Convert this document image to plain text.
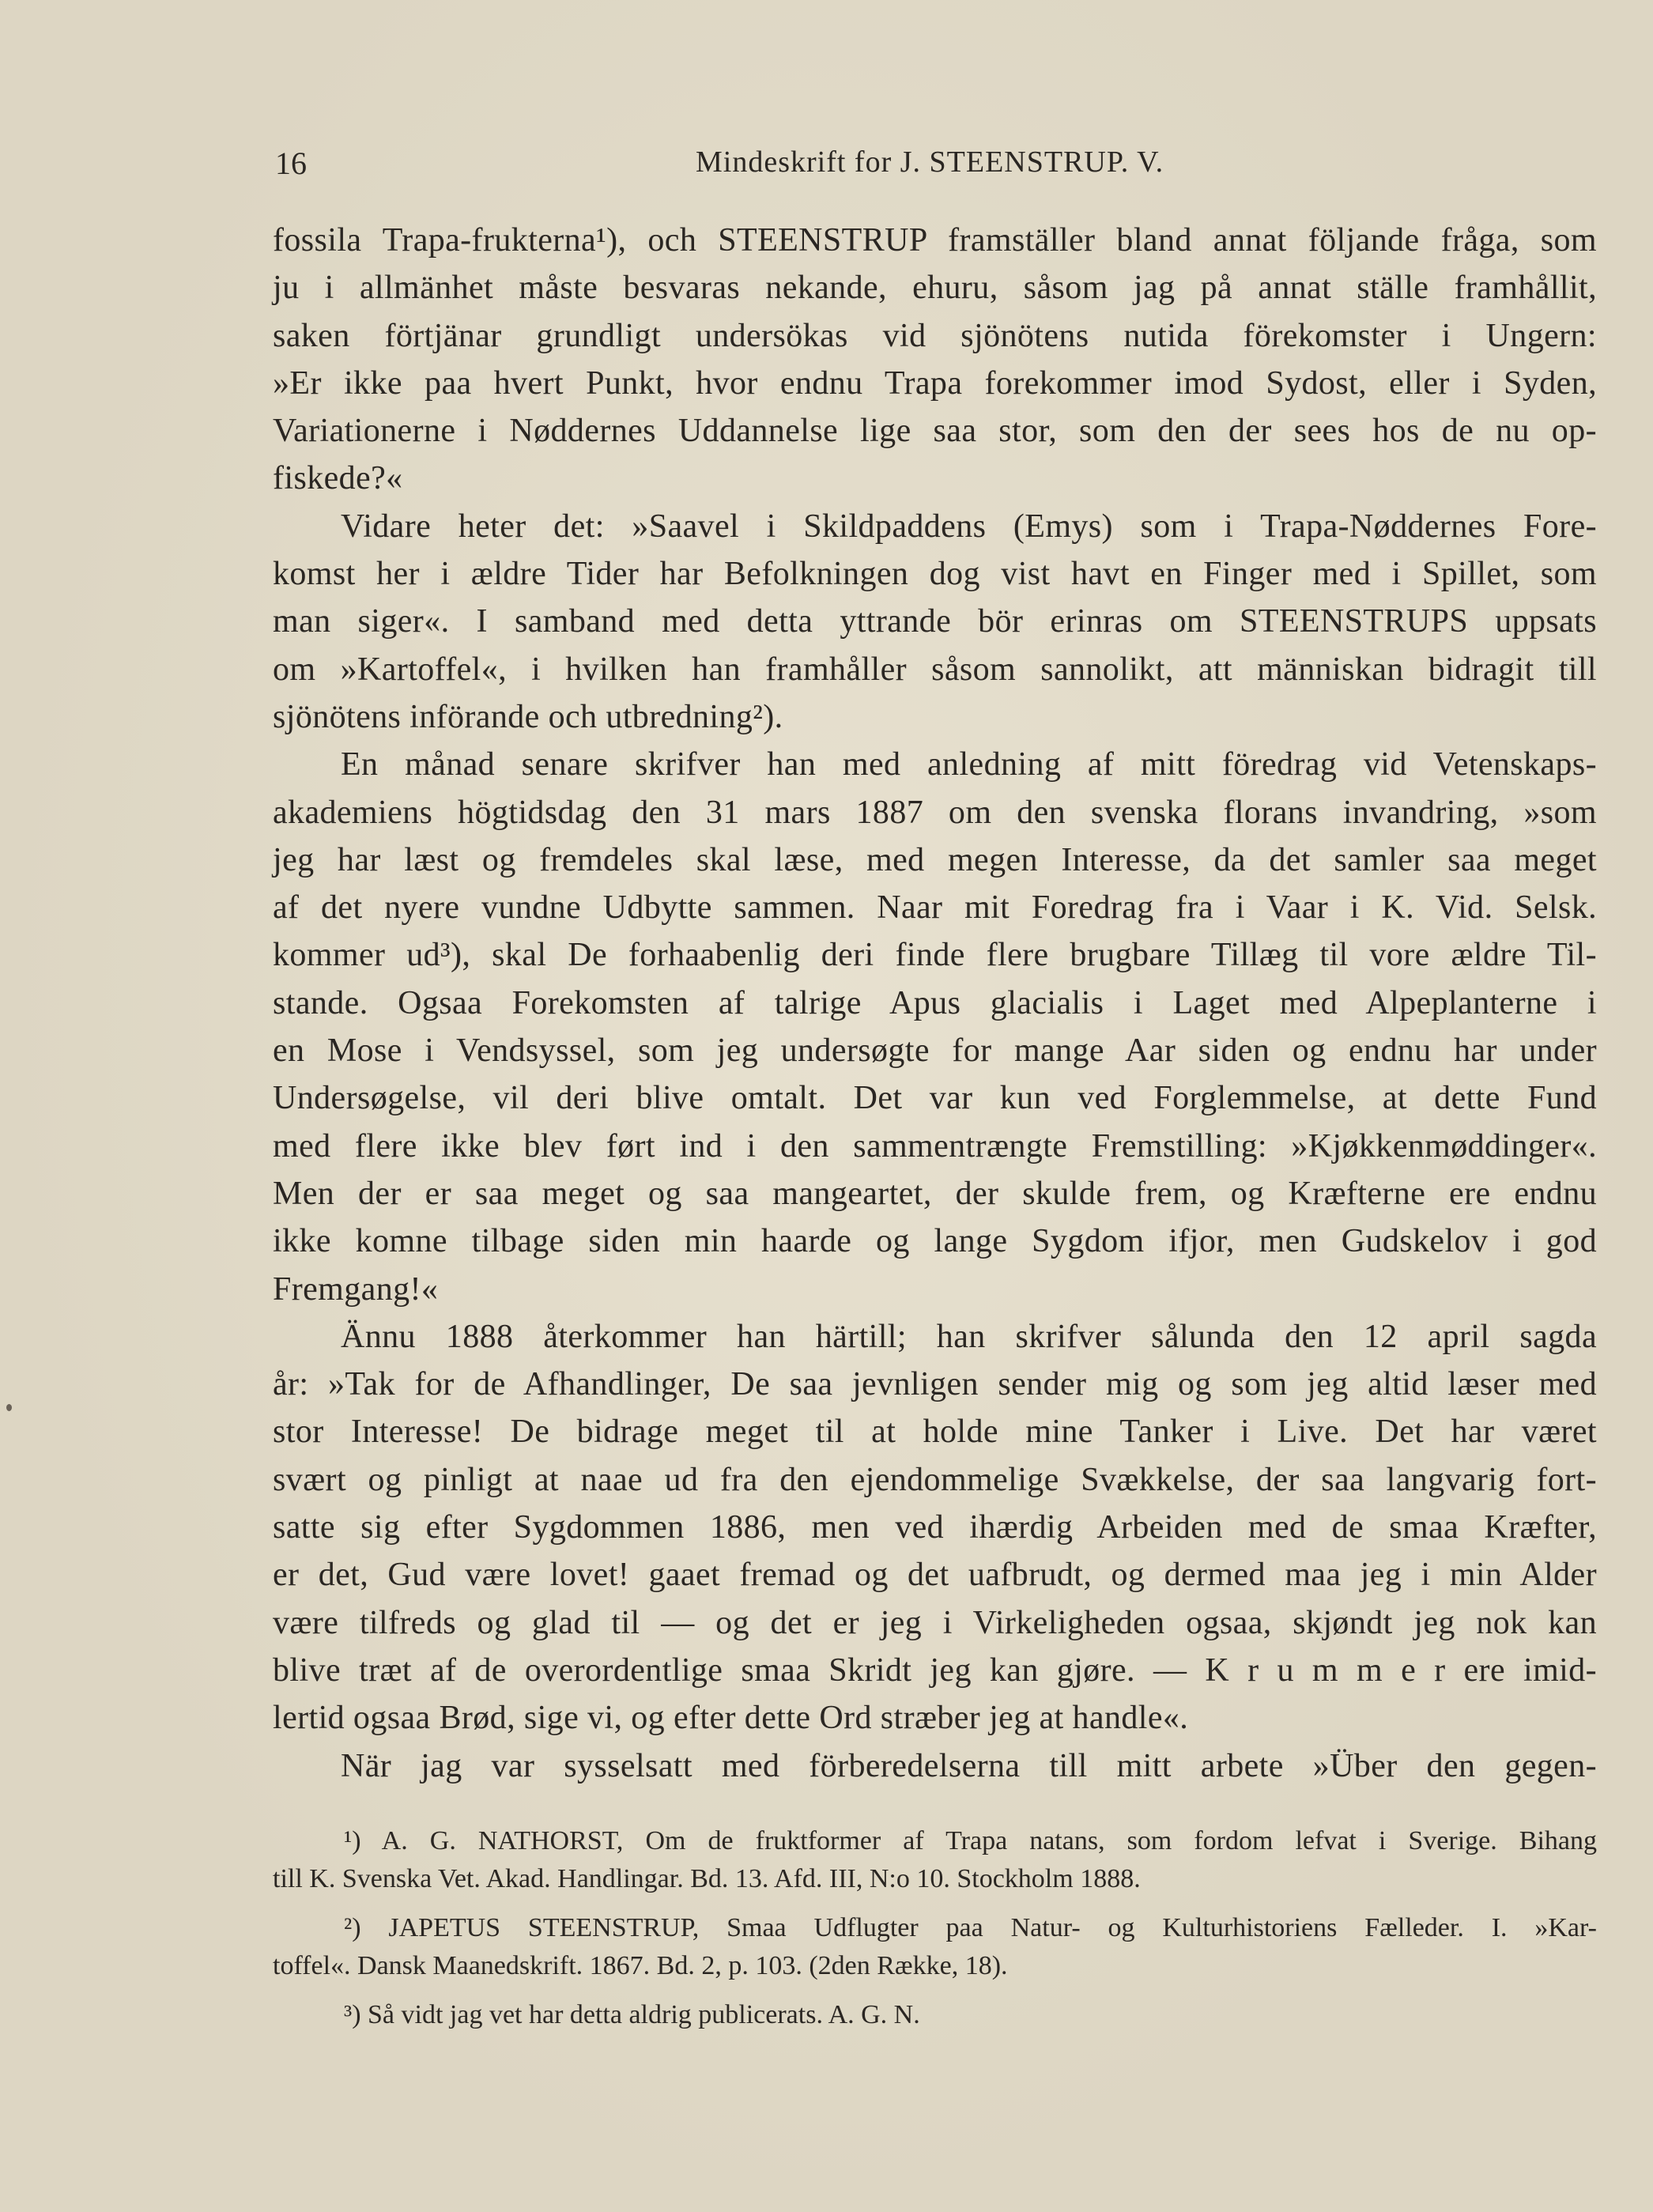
16	Mindeskrift for J. STEENSTRUP. V.
fossila Trapa-frukterna¹), och STEENSTRUP framställer bland annat följande fråga, som
ju i allmänhet måste besvaras nekande, ehuru, såsom jag på annat ställe framhållit,
saken förtjänar grundligt undersökas vid sjönötens nutida förekomster i Ungern:
»Er ikke paa hvert Punkt, hvor endnu Trapa forekommer imod Sydost, eller i Syden,
Variationerne i Nøddernes Uddannelse lige saa stor, som den der sees hos de nu op-
fiskede?«
Vidare heter det: »Saavel i Skildpaddens (Emys) som i Trapa-Nøddernes Fore-
komst her i ældre Tider har Befolkningen dog vist havt en Finger med i Spillet, som
man siger«. I samband med detta yttrande bör erinras om STEENSTRUPS uppsats
om »Kartoffel«, i hvilken han framhåller såsom sannolikt, att människan bidragit till
sjönötens införande och utbredning²).
En månad senare skrifver han med anledning af mitt föredrag vid Vetenskaps-
akademiens högtidsdag den 31 mars 1887 om den svenska florans invandring, »som
jeg har læst og fremdeles skal læse, med megen Interesse, da det samler saa meget
af det nyere vundne Udbytte sammen. Naar mit Foredrag fra i Vaar i K. Vid. Selsk.
kommer ud³), skal De forhaabenlig deri finde flere brugbare Tillæg til vore ældre Til-
stande. Ogsaa Forekomsten af talrige Apus glacialis i Laget med Alpeplanterne i
en Mose i Vendsyssel, som jeg undersøgte for mange Aar siden og endnu har under
Undersøgelse, vil deri blive omtalt. Det var kun ved Forglemmelse, at dette Fund
med flere ikke blev ført ind i den sammentrængte Fremstilling: »Kjøkkenmøddinger«.
Men der er saa meget og saa mangeartet, der skulde frem, og Kræfterne ere endnu
ikke komne tilbage siden min haarde og lange Sygdom ifjor, men Gudskelov i god
Fremgang!«
Ännu 1888 återkommer han härtill; han skrifver sålunda den 12 april sagda
år: »Tak for de Afhandlinger, De saa jevnligen sender mig og som jeg altid læser med
stor Interesse! De bidrage meget til at holde mine Tanker i Live. Det har været
svært og pinligt at naae ud fra den ejendommelige Svækkelse, der saa langvarig fort-
satte sig efter Sygdommen 1886, men ved ihærdig Arbeiden med de smaa Kræfter,
er det, Gud være lovet! gaaet fremad og det uafbrudt, og dermed maa jeg i min Alder
være tilfreds og glad til — og det er jeg i Virkeligheden ogsaa, skjøndt jeg nok kan
blive træt af de overordentlige smaa Skridt jeg kan gjøre. — K r u m m e r ere imid-
lertid ogsaa Brød, sige vi, og efter dette Ord stræber jeg at handle«.
När jag var sysselsatt med förberedelserna till mitt arbete »Über den gegen-
¹) A. G. NATHORST, Om de fruktformer af Trapa natans, som fordom lefvat i Sverige. Bihang
till K. Svenska Vet. Akad. Handlingar. Bd. 13. Afd. III, N:o 10. Stockholm 1888.
²) JAPETUS STEENSTRUP, Smaa Udflugter paa Natur- og Kulturhistoriens Fælleder. I. »Kar-
toffel«. Dansk Maanedskrift. 1867. Bd. 2, p. 103. (2den Række, 18).
³) Så vidt jag vet har detta aldrig publicerats. A. G. N.
